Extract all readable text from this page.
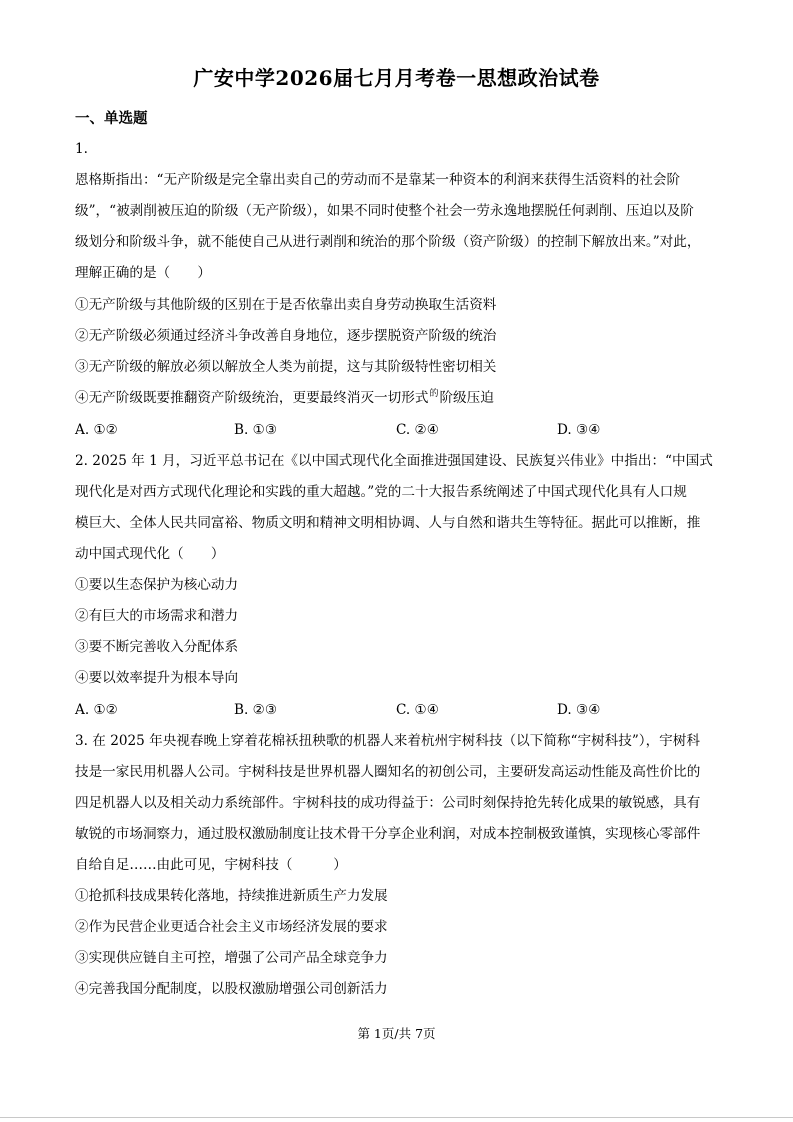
广安中学2026届七月月考卷一思想政治试卷
一、单选题
1.
恩格斯指出：“无产阶级是完全靠出卖自己的劳动而不是靠某一种资本的利润来获得生活资料的社会阶
级”，“被剥削被压迫的阶级（无产阶级），如果不同时使整个社会一劳永逸地摆脱任何剥削、压迫以及阶
级划分和阶级斗争，就不能使自己从进行剥削和统治的那个阶级（资产阶级）的控制下解放出来。”对此，
理解正确的是（　　）
①无产阶级与其他阶级的区别在于是否依靠出卖自身劳动换取生活资料
②无产阶级必须通过经济斗争改善自身地位，逐步摆脱资产阶级的统治
③无产阶级的解放必须以解放全人类为前提，这与其阶级特性密切相关
④无产阶级既要推翻资产阶级统治，更要最终消灭一切形式的阶级压迫
A. ①②	B. ①③	C. ②④	D. ③④
2. 2025 年 1 月，习近平总书记在《以中国式现代化全面推进强国建设、民族复兴伟业》中指出：“中国式
现代化是对西方式现代化理论和实践的重大超越。”党的二十大报告系统阐述了中国式现代化具有人口规
模巨大、全体人民共同富裕、物质文明和精神文明相协调、人与自然和谐共生等特征。据此可以推断，推
动中国式现代化（　　）
①要以生态保护为核心动力
②有巨大的市场需求和潜力
③要不断完善收入分配体系
④要以效率提升为根本导向
A. ①②	B. ②③	C. ①④	D. ③④
3. 在 2025 年央视春晚上穿着花棉袄扭秧歌的机器人来着杭州宇树科技（以下简称“宇树科技”），宇树科
技是一家民用机器人公司。宇树科技是世界机器人圈知名的初创公司，主要研发高运动性能及高性价比的
四足机器人以及相关动力系统部件。宇树科技的成功得益于：公司时刻保持抢先转化成果的敏锐感，具有
敏锐的市场洞察力，通过股权激励制度让技术骨干分享企业利润，对成本控制极致谨慎，实现核心零部件
自给自足……由此可见，宇树科技（　　　）
①抢抓科技成果转化落地，持续推进新质生产力发展
②作为民营企业更适合社会主义市场经济发展的要求
③实现供应链自主可控，增强了公司产品全球竞争力
④完善我国分配制度，以股权激励增强公司创新活力
第 1页/共 7页
